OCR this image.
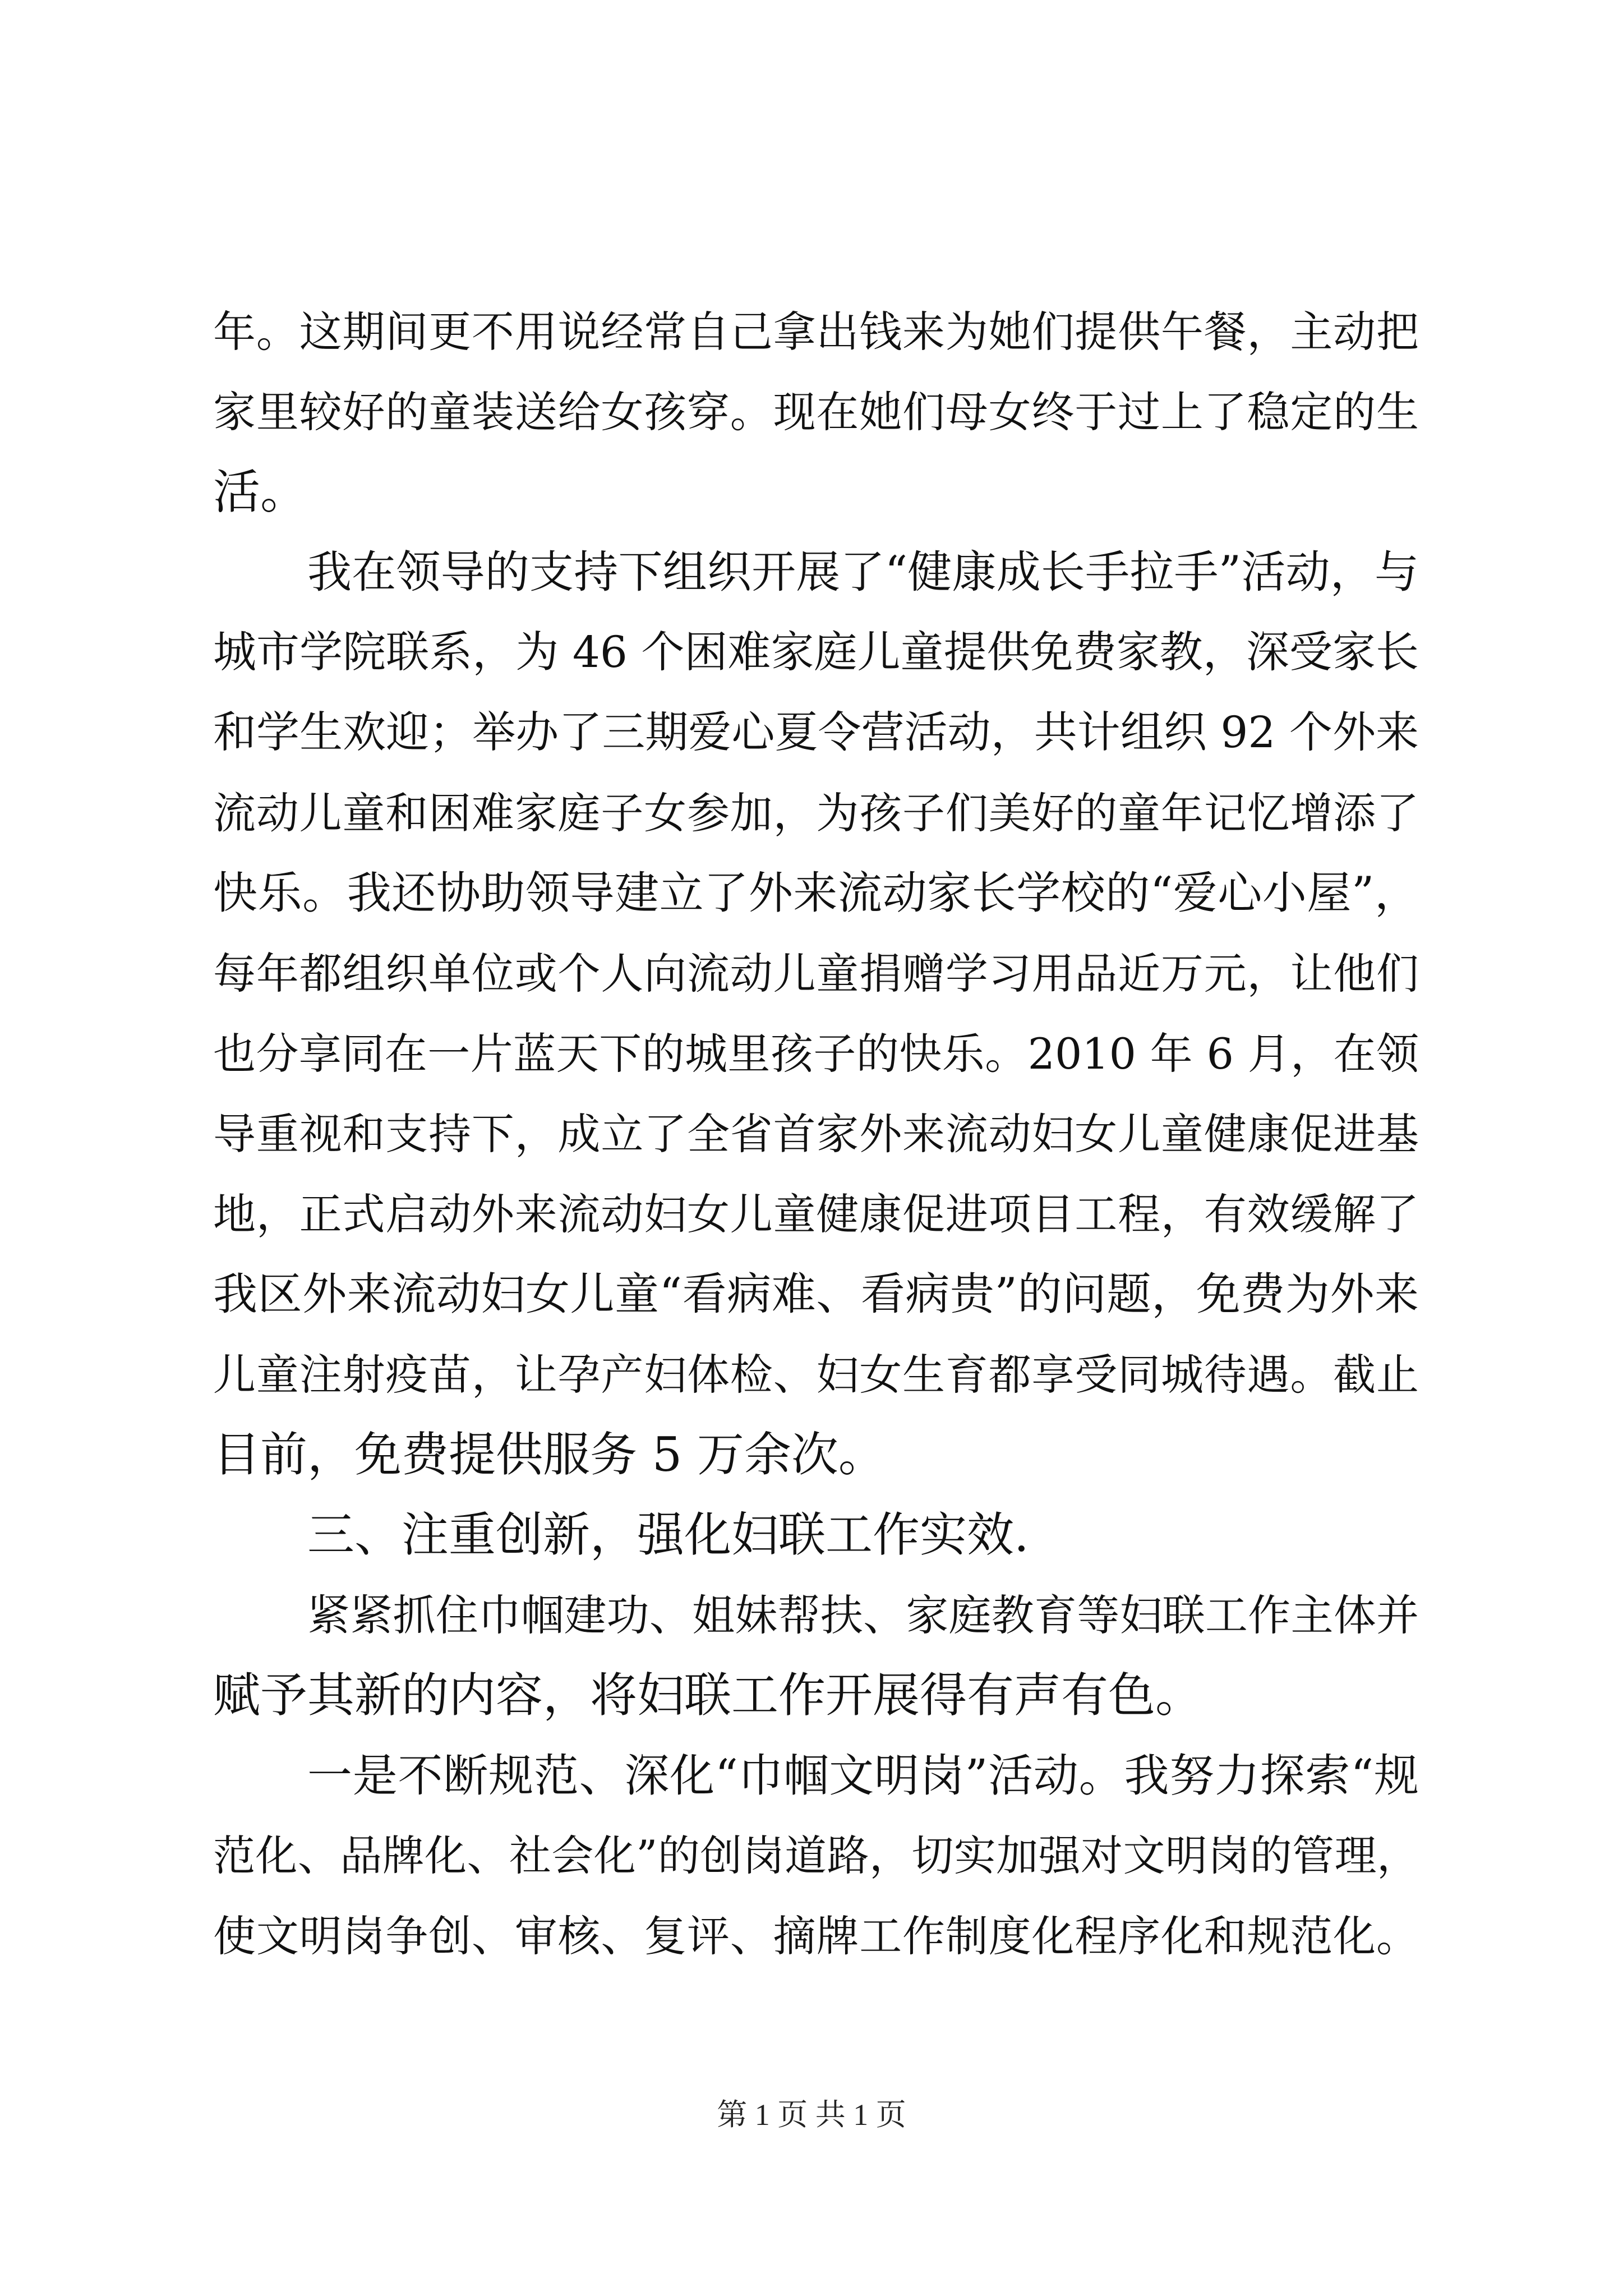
年。这期间更不用说经常自己拿出钱来为她们提供午餐，主动把
家里较好的童装送给女孩穿。现在她们母女终于过上了稳定的生
活。
我在领导的支持下组织开展了“健康成长手拉手”活动，与
城市学院联系，为 46 个困难家庭儿童提供免费家教，深受家长
和学生欢迎；举办了三期爱心夏令营活动，共计组织 92 个外来
流动儿童和困难家庭子女参加，为孩子们美好的童年记忆增添了
快乐。我还协助领导建立了外来流动家长学校的“爱心小屋”，
每年都组织单位或个人向流动儿童捐赠学习用品近万元，让他们
也分享同在一片蓝天下的城里孩子的快乐。2010 年 6 月，在领
导重视和支持下，成立了全省首家外来流动妇女儿童健康促进基
地，正式启动外来流动妇女儿童健康促进项目工程，有效缓解了
我区外来流动妇女儿童“看病难、看病贵”的问题，免费为外来
儿童注射疫苗，让孕产妇体检、妇女生育都享受同城待遇。截止
目前，免费提供服务 5 万余次。
三、注重创新，强化妇联工作实效.
紧紧抓住巾帼建功、姐妹帮扶、家庭教育等妇联工作主体并
赋予其新的内容，将妇联工作开展得有声有色。
一是不断规范、深化“巾帼文明岗”活动。我努力探索“规
范化、品牌化、社会化”的创岗道路，切实加强对文明岗的管理，
使文明岗争创、审核、复评、摘牌工作制度化程序化和规范化。
第 1 页 共 1 页
